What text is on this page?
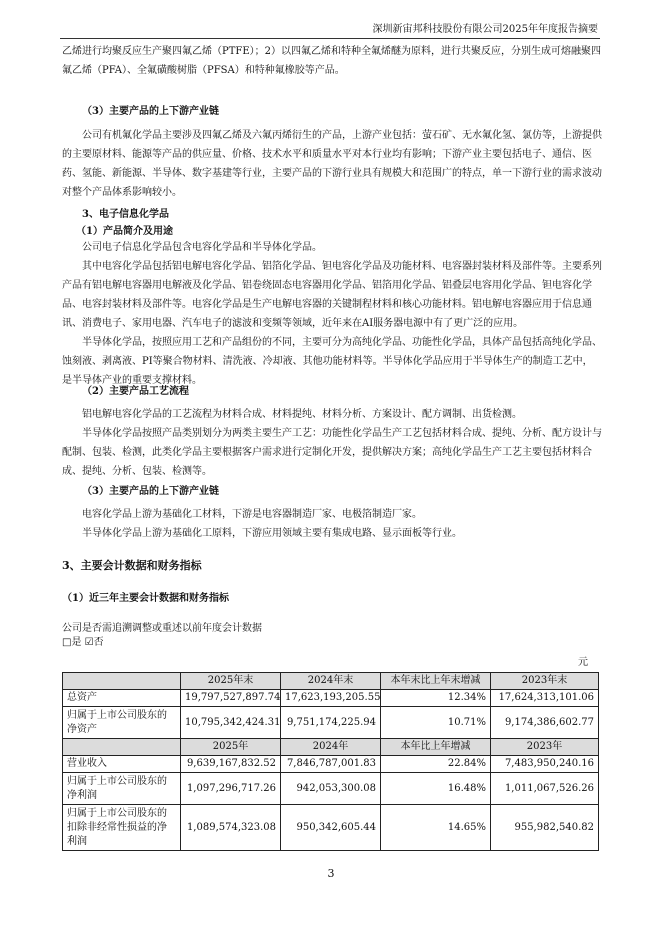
深圳新宙邦科技股份有限公司2025年年度报告摘要

乙烯进行均聚反应生产聚四氟乙烯（PTFE）；2）以四氟乙烯和特种全氟烯醚为原料，进行共聚反应，分别生成可熔融聚四氟乙烯（PFA）、全氟磺酸树脂（PFSA）和特种氟橡胶等产品。

（3）主要产品的上下游产业链

公司有机氟化学品主要涉及四氟乙烯及六氟丙烯衍生的产品，上游产业包括：萤石矿、无水氟化氢、氯仿等，上游提供的主要原材料、能源等产品的供应量、价格、技术水平和质量水平对本行业均有影响；下游产业主要包括电子、通信、医药、氢能、新能源、半导体、数字基建等行业，主要产品的下游行业具有规模大和范围广的特点，单一下游行业的需求波动对整个产品体系影响较小。

3、电子信息化学品

（1）产品简介及用途

公司电子信息化学品包含电容化学品和半导体化学品。

其中电容化学品包括铝电解电容化学品、铝箔化学品、钽电容化学品及功能材料、电容器封装材料及部件等。主要系列产品有铝电解电容器用电解液及化学品、铝卷绕固态电容器用化学品、铝箔用化学品、铝叠层电容用化学品、钽电容化学品、电容封装材料及部件等。电容化学品是生产电解电容器的关键制程材料和核心功能材料。铝电解电容器应用于信息通讯、消费电子、家用电器、汽车电子的滤波和变频等领域，近年来在AI服务器电源中有了更广泛的应用。

半导体化学品，按照应用工艺和产品组份的不同，主要可分为高纯化学品、功能性化学品，具体产品包括高纯化学品、蚀刻液、剥离液、PI等聚合物材料、清洗液、冷却液、其他功能材料等。半导体化学品应用于半导体生产的制造工艺中，是半导体产业的重要支撑材料。

（2）主要产品工艺流程

铝电解电容化学品的工艺流程为材料合成、材料提纯、材料分析、方案设计、配方调制、出货检测。

半导体化学品按照产品类别划分为两类主要生产工艺：功能性化学品生产工艺包括材料合成、提纯、分析、配方设计与配制、包装、检测，此类化学品主要根据客户需求进行定制化开发，提供解决方案；高纯化学品生产工艺主要包括材料合成、提纯、分析、包装、检测等。

（3）主要产品的上下游产业链

电容化学品上游为基础化工材料，下游是电容器制造厂家、电极箔制造厂家。

半导体化学品上游为基础化工原料，下游应用领域主要有集成电路、显示面板等行业。

3、主要会计数据和财务指标

（1）近三年主要会计数据和财务指标

公司是否需追溯调整或重述以前年度会计数据

□是 ☑否

元

	2025年末	2024年末	本年末比上年末增减	2023年末
总资产	19,797,527,897.74	17,623,193,205.55	12.34%	17,624,313,101.06
归属于上市公司股东的净资产	10,795,342,424.31	9,751,174,225.94	10.71%	9,174,386,602.77
	2025年	2024年	本年比上年增减	2023年
营业收入	9,639,167,832.52	7,846,787,001.83	22.84%	7,483,950,240.16
归属于上市公司股东的净利润	1,097,296,717.26	942,053,300.08	16.48%	1,011,067,526.26
归属于上市公司股东的扣除非经常性损益的净利润	1,089,574,323.08	950,342,605.44	14.65%	955,982,540.82
3
